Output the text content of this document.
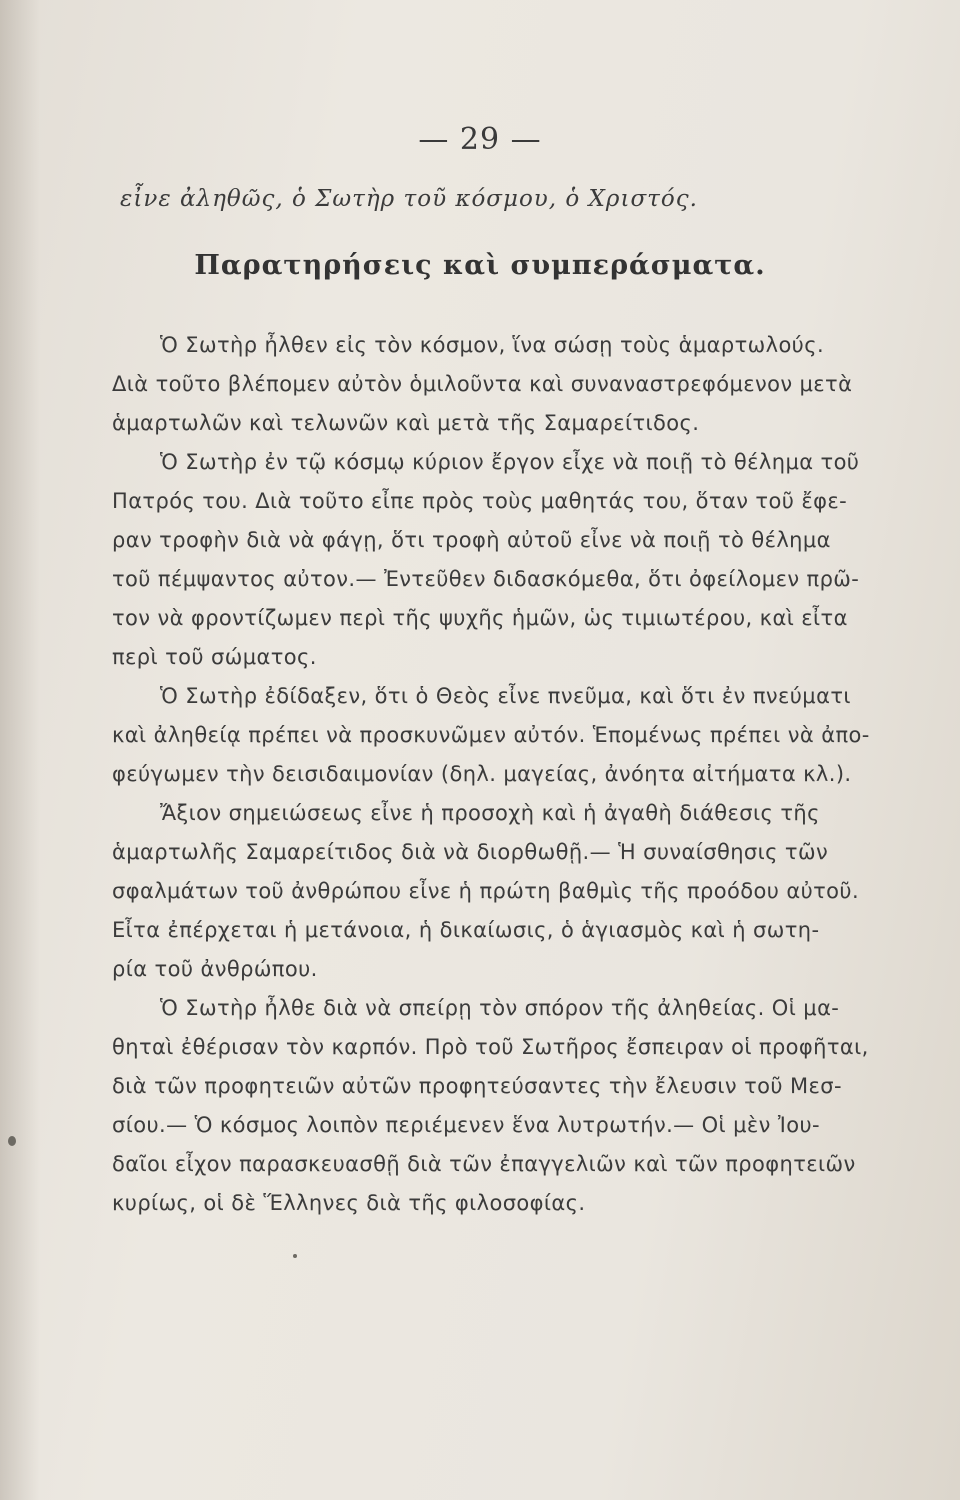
— 29 —
εἶνε ἀληθῶς, ὁ Σωτὴρ τοῦ κόσμου, ὁ Χριστός.
Παρατηρήσεις καὶ συμπεράσματα.
Ὁ Σωτὴρ ἦλθεν εἰς τὸν κόσμον, ἵνα σώσῃ τοὺς ἁμαρτωλούς.
Διὰ τοῦτο βλέπομεν αὐτὸν ὁμιλοῦντα καὶ συναναστρεφόμενον μετὰ
ἁμαρτωλῶν καὶ τελωνῶν καὶ μετὰ τῆς Σαμαρείτιδος.
Ὁ Σωτὴρ ἐν τῷ κόσμῳ κύριον ἔργον εἶχε νὰ ποιῇ τὸ θέλημα τοῦ
Πατρός του. Διὰ τοῦτο εἶπε πρὸς τοὺς μαθητάς του, ὅταν τοῦ ἔφε-
ραν τροφὴν διὰ νὰ φάγῃ, ὅτι τροφὴ αὐτοῦ εἶνε νὰ ποιῇ τὸ θέλημα
τοῦ πέμψαντος αὐτον.— Ἐντεῦθεν διδασκόμεθα, ὅτι ὀφείλομεν πρῶ-
τον νὰ φροντίζωμεν περὶ τῆς ψυχῆς ἡμῶν, ὡς τιμιωτέρου, καὶ εἶτα
περὶ τοῦ σώματος.
Ὁ Σωτὴρ ἐδίδαξεν, ὅτι ὁ Θεὸς εἶνε πνεῦμα, καὶ ὅτι ἐν πνεύματι
καὶ ἀληθείᾳ πρέπει νὰ προσκυνῶμεν αὐτόν. Ἑπομένως πρέπει νὰ ἀπο-
φεύγωμεν τὴν δεισιδαιμονίαν (δηλ. μαγείας, ἀνόητα αἰτήματα κλ.).
Ἄξιον σημειώσεως εἶνε ἡ προσοχὴ καὶ ἡ ἀγαθὴ διάθεσις τῆς
ἁμαρτωλῆς Σαμαρείτιδος διὰ νὰ διορθωθῇ.— Ἡ συναίσθησις τῶν
σφαλμάτων τοῦ ἀνθρώπου εἶνε ἡ πρώτη βαθμὶς τῆς προόδου αὐτοῦ.
Εἶτα ἐπέρχεται ἡ μετάνοια, ἡ δικαίωσις, ὁ ἁγιασμὸς καὶ ἡ σωτη-
ρία τοῦ ἀνθρώπου.
Ὁ Σωτὴρ ἦλθε διὰ νὰ σπείρῃ τὸν σπόρον τῆς ἀληθείας. Οἱ μα-
θηταὶ ἐθέρισαν τὸν καρπόν. Πρὸ τοῦ Σωτῆρος ἔσπειραν οἱ προφῆται,
διὰ τῶν προφητειῶν αὐτῶν προφητεύσαντες τὴν ἔλευσιν τοῦ Μεσ-
σίου.— Ὁ κόσμος λοιπὸν περιέμενεν ἕνα λυτρωτήν.— Οἱ μὲν Ἰου-
δαῖοι εἶχον παρασκευασθῇ διὰ τῶν ἐπαγγελιῶν καὶ τῶν προφητειῶν
κυρίως, οἱ δὲ Ἕλληνες διὰ τῆς φιλοσοφίας.
